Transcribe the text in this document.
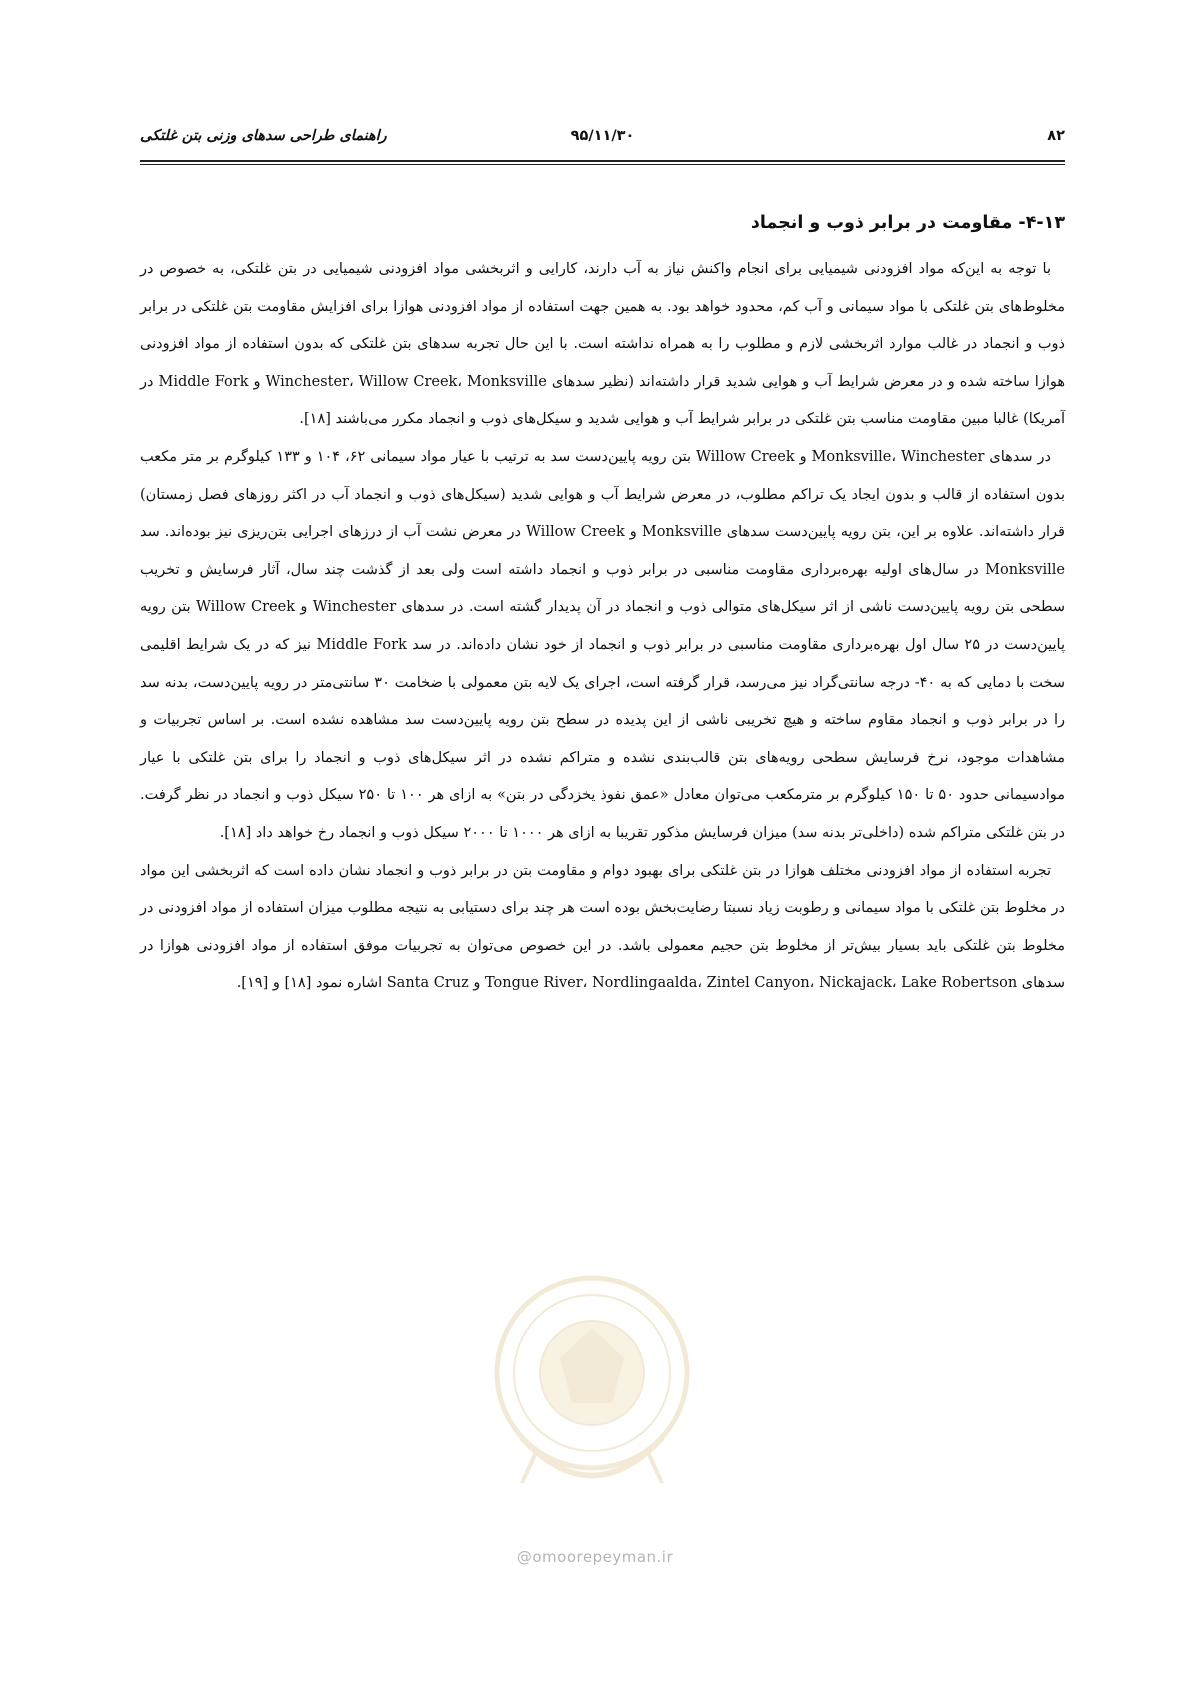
۸۲
۹۵/۱۱/۳۰
راهنمای طراحی سدهای وزنی بتن غلتکی
۴-۱۳- مقاومت در برابر ذوب و انجماد

با توجه به این‌که مواد افزودنی شیمیایی برای انجام واکنش نیاز به آب دارند، کارایی و اثربخشی مواد افزودنی شیمیایی در بتن غلتکی، به خصوص در مخلوط‌های بتن غلتکی با مواد سیمانی و آب کم، محدود خواهد بود. به همین جهت استفاده از مواد افزودنی هوازا برای افزایش مقاومت بتن غلتکی در برابر ذوب و انجماد در غالب موارد اثربخشی لازم و مطلوب را به همراه نداشته است. با این حال تجربه سدهای بتن غلتکی که بدون استفاده از مواد افزودنی هوازا ساخته شده و در معرض شرایط آب و هوایی شدید قرار داشته‌اند (نظیر سدهای Winchester، Willow Creek، Monksville و Middle Fork در آمریکا) غالبا مبین مقاومت مناسب بتن غلتکی در برابر شرایط آب و هوایی شدید و سیکل‌های ذوب و انجماد مکرر می‌باشند [۱۸].

در سدهای Monksville، Winchester و Willow Creek بتن رویه پایین‌دست سد به ترتیب با عیار مواد سیمانی ۶۲، ۱۰۴ و ۱۳۳ کیلوگرم بر متر مکعب بدون استفاده از قالب و بدون ایجاد یک تراکم مطلوب، در معرض شرایط آب و هوایی شدید (سیکل‌های ذوب و انجماد آب در اکثر روزهای فصل زمستان) قرار داشته‌اند. علاوه بر این، بتن رویه پایین‌دست سدهای Monksville و Willow Creek در معرض نشت آب از درزهای اجرایی بتن‌ریزی نیز بوده‌اند. سد Monksville در سال‌های اولیه بهره‌برداری مقاومت مناسبی در برابر ذوب و انجماد داشته است ولی بعد از گذشت چند سال، آثار فرسایش و تخریب سطحی بتن رویه پایین‌دست ناشی از اثر سیکل‌های متوالی ذوب و انجماد در آن پدیدار گشته است. در سدهای Winchester و Willow Creek بتن رویه پایین‌دست در ۲۵ سال اول بهره‌برداری مقاومت مناسبی در برابر ذوب و انجماد از خود نشان داده‌اند. در سد Middle Fork نیز که در یک شرایط اقلیمی سخت با دمایی که به ۴۰- درجه سانتی‌گراد نیز می‌رسد، قرار گرفته است، اجرای یک لایه بتن معمولی با ضخامت ۳۰ سانتی‌متر در رویه پایین‌دست، بدنه سد را در برابر ذوب و انجماد مقاوم ساخته و هیچ تخریبی ناشی از این پدیده در سطح بتن رویه پایین‌دست سد مشاهده نشده است. بر اساس تجربیات و مشاهدات موجود، نرخ فرسایش سطحی رویه‌های بتن قالب‌بندی نشده و متراکم نشده در اثر سیکل‌های ذوب و انجماد را برای بتن غلتکی با عیار موادسیمانی حدود ۵۰ تا ۱۵۰ کیلوگرم بر مترمکعب می‌توان معادل «عمق نفوذ یخزدگی در بتن» به ازای هر ۱۰۰ تا ۲۵۰ سیکل ذوب و انجماد در نظر گرفت. در بتن غلتکی متراکم شده (داخلی‌تر بدنه سد) میزان فرسایش مذکور تقریبا به ازای هر ۱۰۰۰ تا ۲۰۰۰ سیکل ذوب و انجماد رخ خواهد داد [۱۸].

تجربه استفاده از مواد افزودنی مختلف هوازا در بتن غلتکی برای بهبود دوام و مقاومت بتن در برابر ذوب و انجماد نشان داده است که اثربخشی این مواد در مخلوط بتن غلتکی با مواد سیمانی و رطوبت زیاد نسبتا رضایت‌بخش بوده است هر چند برای دستیابی به نتیجه مطلوب میزان استفاده از مواد افزودنی در مخلوط بتن غلتکی باید بسیار بیش‌تر از مخلوط بتن حجیم معمولی باشد. در این خصوص می‌توان به تجربیات موفق استفاده از مواد افزودنی هوازا در سدهای Tongue River، Nordlingaalda، Zintel Canyon، Nickajack، Lake Robertson و Santa Cruz اشاره نمود [۱۸] و [۱۹].

@omoorepeyman.ir
